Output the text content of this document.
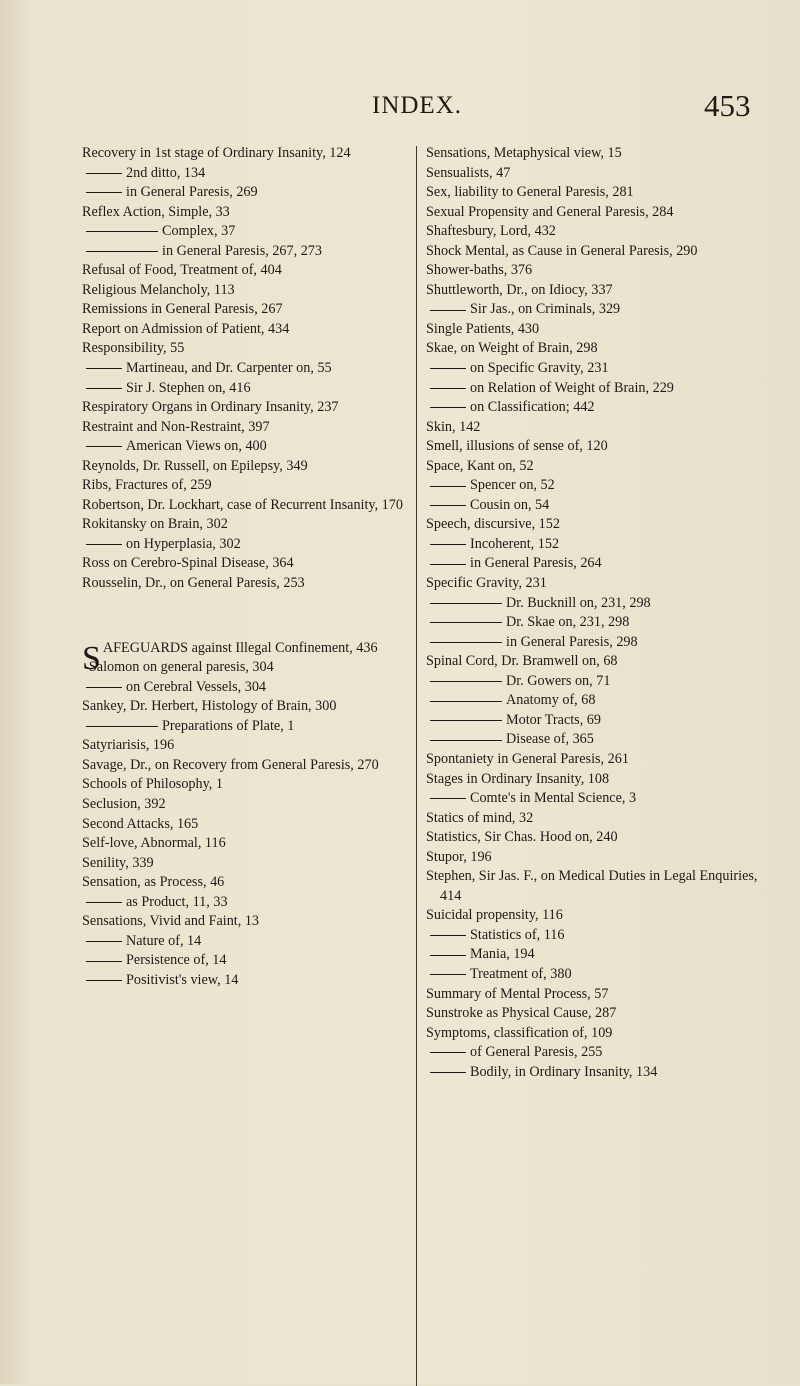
INDEX.	453

Recovery in 1st stage of Ordinary Insanity, 124

2nd ditto, 134

in General Paresis, 269

Reflex Action, Simple, 33

Complex, 37

in General Paresis, 267, 273

Refusal of Food, Treatment of, 404

Religious Melancholy, 113

Remissions in General Paresis, 267

Report on Admission of Patient, 434

Responsibility, 55

Martineau, and Dr. Carpenter on, 55

Sir J. Stephen on, 416

Respiratory Organs in Ordinary Insanity, 237

Restraint and Non-Restraint, 397

American Views on, 400

Reynolds, Dr. Russell, on Epilepsy, 349

Ribs, Fractures of, 259

Robertson, Dr. Lockhart, case of Recurrent Insanity, 170

Rokitansky on Brain, 302

on Hyperplasia, 302

Ross on Cerebro-Spinal Disease, 364

Rousselin, Dr., on General Paresis, 253

SAFEGUARDS against Illegal Confinement, 436

Salomon on general paresis, 304

on Cerebral Vessels, 304

Sankey, Dr. Herbert, Histology of Brain, 300

Preparations of Plate, 1

Satyriarisis, 196

Savage, Dr., on Recovery from General Paresis, 270

Schools of Philosophy, 1

Seclusion, 392

Second Attacks, 165

Self-love, Abnormal, 116

Senility, 339

Sensation, as Process, 46

as Product, 11, 33

Sensations, Vivid and Faint, 13

Nature of, 14

Persistence of, 14

Positivist's view, 14

Sensations, Metaphysical view, 15

Sensualists, 47

Sex, liability to General Paresis, 281

Sexual Propensity and General Paresis, 284

Shaftesbury, Lord, 432

Shock Mental, as Cause in General Paresis, 290

Shower-baths, 376

Shuttleworth, Dr., on Idiocy, 337

Sir Jas., on Criminals, 329

Single Patients, 430

Skae, on Weight of Brain, 298

on Specific Gravity, 231

on Relation of Weight of Brain, 229

on Classification; 442

Skin, 142

Smell, illusions of sense of, 120

Space, Kant on, 52

Spencer on, 52

Cousin on, 54

Speech, discursive, 152

Incoherent, 152

in General Paresis, 264

Specific Gravity, 231

Dr. Bucknill on, 231, 298

Dr. Skae on, 231, 298

in General Paresis, 298

Spinal Cord, Dr. Bramwell on, 68

Dr. Gowers on, 71

Anatomy of, 68

Motor Tracts, 69

Disease of, 365

Spontaniety in General Paresis, 261

Stages in Ordinary Insanity, 108

Comte's in Mental Science, 3

Statics of mind, 32

Statistics, Sir Chas. Hood on, 240

Stupor, 196

Stephen, Sir Jas. F., on Medical Duties in Legal Enquiries, 414

Suicidal propensity, 116

Statistics of, 116

Mania, 194

Treatment of, 380

Summary of Mental Process, 57

Sunstroke as Physical Cause, 287

Symptoms, classification of, 109

of General Paresis, 255

Bodily, in Ordinary Insanity, 134
